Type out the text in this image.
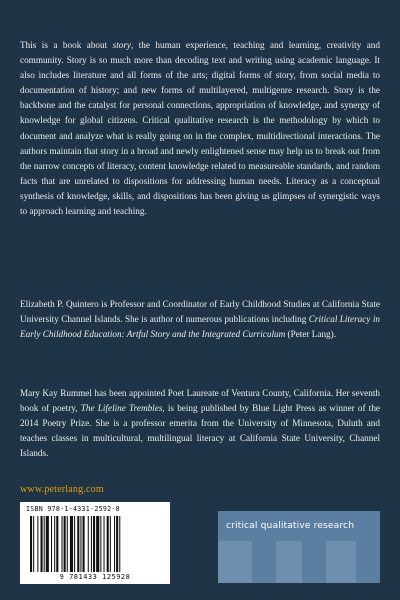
This is a book about story, the human experience, teaching and learning, creativity and community. Story is so much more than decoding text and writing using academic language. It also includes literature and all forms of the arts; digital forms of story, from social media to documentation of history; and new forms of multilayered, multigenre research. Story is the backbone and the catalyst for personal connections, appropriation of knowledge, and synergy of knowledge for global citizens. Critical qualitative research is the methodology by which to document and analyze what is really going on in the complex, multidirectional interactions. The authors maintain that story in a broad and newly enlightened sense may help us to break out from the narrow concepts of literacy, content knowledge related to measureable standards, and random facts that are unrelated to dispositions for addressing human needs. Literacy as a conceptual synthesis of knowledge, skills, and dispositions has been giving us glimpses of synergistic ways to approach learning and teaching.

Elizabeth P. Quintero is Professor and Coordinator of Early Childhood Studies at California State University Channel Islands. She is author of numerous publications including Critical Literacy in Early Childhood Education: Artful Story and the Integrated Curriculum (Peter Lang).

Mary Kay Rummel has been appointed Poet Laureate of Ventura County, California. Her seventh book of poetry, The Lifeline Trembles, is being published by Blue Light Press as winner of the 2014 Poetry Prize. She is a professor emerita from the University of Minnesota, Duluth and teaches classes in multicultural, multilingual literacy at California State University, Channel Islands.

www.peterlang.com
ISBN 978-1-4331-2592-8
9 781433 125928
critical qualitative research
